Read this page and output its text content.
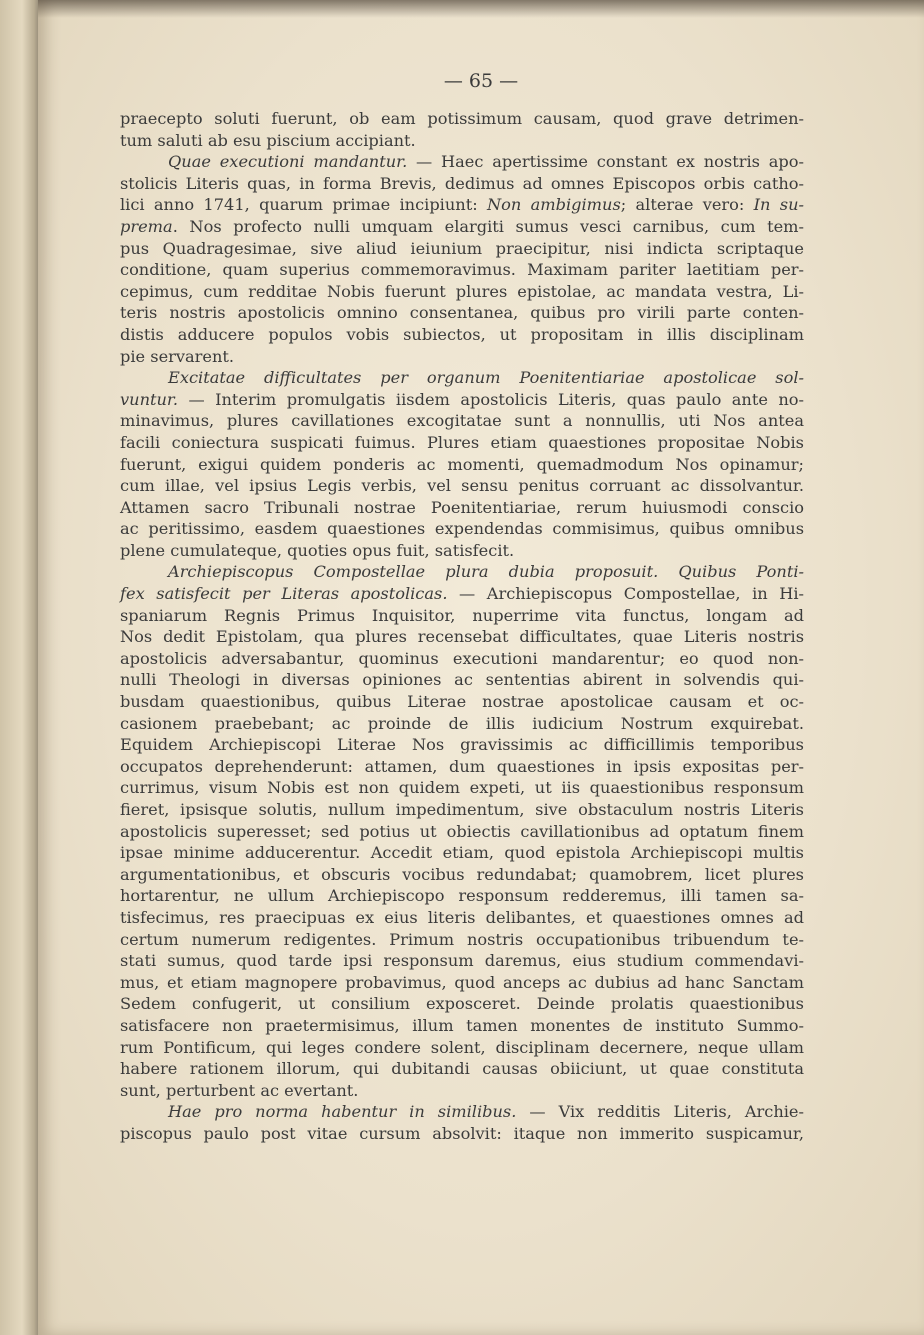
— 65 —
praecepto soluti fuerunt, ob eam potissimum causam, quod grave detrimen-
tum saluti ab esu piscium accipiant.
Quae executioni mandantur. — Haec apertissime constant ex nostris apo-
stolicis Literis quas, in forma Brevis, dedimus ad omnes Episcopos orbis catho-
lici anno 1741, quarum primae incipiunt: Non ambigimus; alterae vero: In su-
prema. Nos profecto nulli umquam elargiti sumus vesci carnibus, cum tem-
pus Quadragesimae, sive aliud ieiunium praecipitur, nisi indicta scriptaque
conditione, quam superius commemoravimus. Maximam pariter laetitiam per-
cepimus, cum redditae Nobis fuerunt plures epistolae, ac mandata vestra, Li-
teris nostris apostolicis omnino consentanea, quibus pro virili parte conten-
distis adducere populos vobis subiectos, ut propositam in illis disciplinam
pie servarent.
Excitatae difficultates per organum Poenitentiariae apostolicae sol-
vuntur. — Interim promulgatis iisdem apostolicis Literis, quas paulo ante no-
minavimus, plures cavillationes excogitatae sunt a nonnullis, uti Nos antea
facili coniectura suspicati fuimus. Plures etiam quaestiones propositae Nobis
fuerunt, exigui quidem ponderis ac momenti, quemadmodum Nos opinamur;
cum illae, vel ipsius Legis verbis, vel sensu penitus corruant ac dissolvantur.
Attamen sacro Tribunali nostrae Poenitentiariae, rerum huiusmodi conscio
ac peritissimo, easdem quaestiones expendendas commisimus, quibus omnibus
plene cumulateque, quoties opus fuit, satisfecit.
Archiepiscopus Compostellae plura dubia proposuit. Quibus Ponti-
fex satisfecit per Literas apostolicas. — Archiepiscopus Compostellae, in Hi-
spaniarum Regnis Primus Inquisitor, nuperrime vita functus, longam ad
Nos dedit Epistolam, qua plures recensebat difficultates, quae Literis nostris
apostolicis adversabantur, quominus executioni mandarentur; eo quod non-
nulli Theologi in diversas opiniones ac sententias abirent in solvendis qui-
busdam quaestionibus, quibus Literae nostrae apostolicae causam et oc-
casionem praebebant; ac proinde de illis iudicium Nostrum exquirebat.
Equidem Archiepiscopi Literae Nos gravissimis ac difficillimis temporibus
occupatos deprehenderunt: attamen, dum quaestiones in ipsis expositas per-
currimus, visum Nobis est non quidem expeti, ut iis quaestionibus responsum
fieret, ipsisque solutis, nullum impedimentum, sive obstaculum nostris Literis
apostolicis superesset; sed potius ut obiectis cavillationibus ad optatum finem
ipsae minime adducerentur. Accedit etiam, quod epistola Archiepiscopi multis
argumentationibus, et obscuris vocibus redundabat; quamobrem, licet plures
hortarentur, ne ullum Archiepiscopo responsum redderemus, illi tamen sa-
tisfecimus, res praecipuas ex eius literis delibantes, et quaestiones omnes ad
certum numerum redigentes. Primum nostris occupationibus tribuendum te-
stati sumus, quod tarde ipsi responsum daremus, eius studium commendavi-
mus, et etiam magnopere probavimus, quod anceps ac dubius ad hanc Sanctam
Sedem confugerit, ut consilium exposceret. Deinde prolatis quaestionibus
satisfacere non praetermisimus, illum tamen monentes de instituto Summo-
rum Pontificum, qui leges condere solent, disciplinam decernere, neque ullam
habere rationem illorum, qui dubitandi causas obiiciunt, ut quae constituta
sunt, perturbent ac evertant.
Hae pro norma habentur in similibus. — Vix redditis Literis, Archie-
piscopus paulo post vitae cursum absolvit: itaque non immerito suspicamur,
